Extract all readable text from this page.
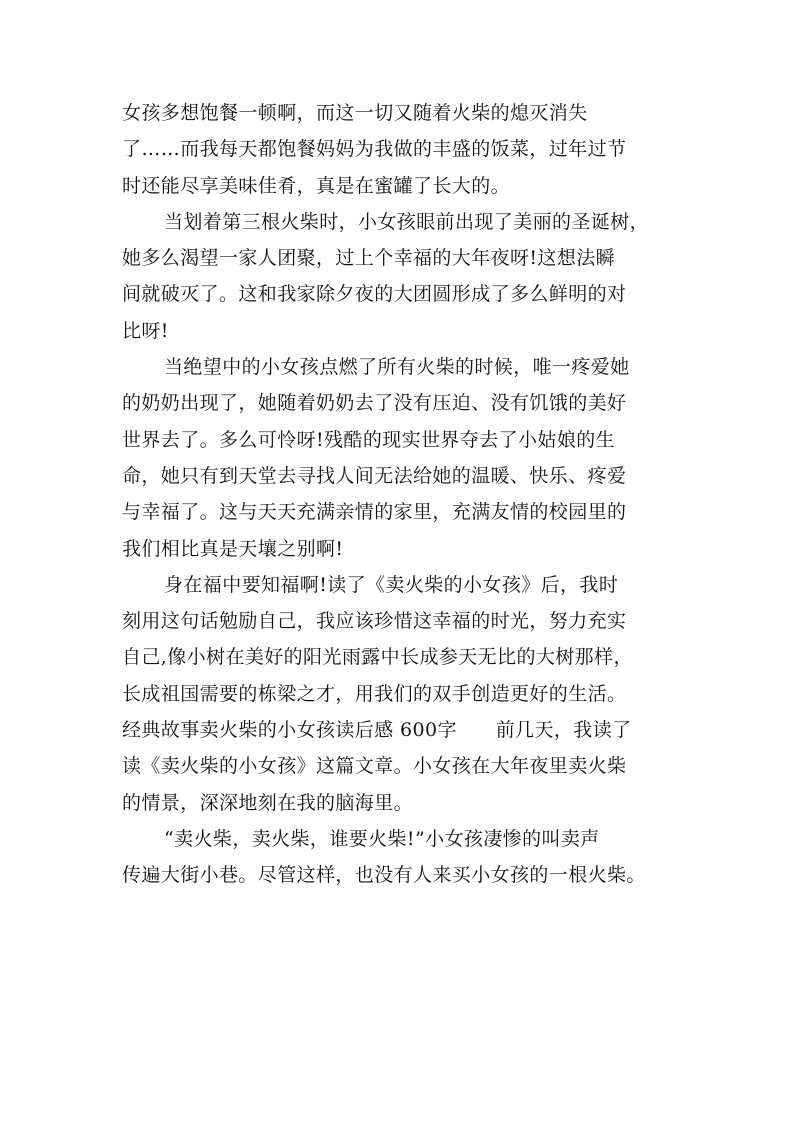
女孩多想饱餐一顿啊，而这一切又随着火柴的熄灭消失
了……而我每天都饱餐妈妈为我做的丰盛的饭菜，过年过节
时还能尽享美味佳肴，真是在蜜罐了长大的。
当划着第三根火柴时，小女孩眼前出现了美丽的圣诞树，
她多么渴望一家人团聚，过上个幸福的大年夜呀!这想法瞬
间就破灭了。这和我家除夕夜的大团圆形成了多么鲜明的对
比呀!
当绝望中的小女孩点燃了所有火柴的时候，唯一疼爱她
的奶奶出现了，她随着奶奶去了没有压迫、没有饥饿的美好
世界去了。多么可怜呀!残酷的现实世界夺去了小姑娘的生
命，她只有到天堂去寻找人间无法给她的温暖、快乐、疼爱
与幸福了。这与天天充满亲情的家里，充满友情的校园里的
我们相比真是天壤之别啊!
身在福中要知福啊!读了《卖火柴的小女孩》后，我时
刻用这句话勉励自己，我应该珍惜这幸福的时光，努力充实
自己,像小树在美好的阳光雨露中长成参天无比的大树那样，
长成祖国需要的栋梁之才，用我们的双手创造更好的生活。
经典故事卖火柴的小女孩读后感 600字　　前几天，我读了
读《卖火柴的小女孩》这篇文章。小女孩在大年夜里卖火柴
的情景，深深地刻在我的脑海里。
“卖火柴，卖火柴，谁要火柴!”小女孩凄惨的叫卖声
传遍大街小巷。尽管这样，也没有人来买小女孩的一根火柴。
